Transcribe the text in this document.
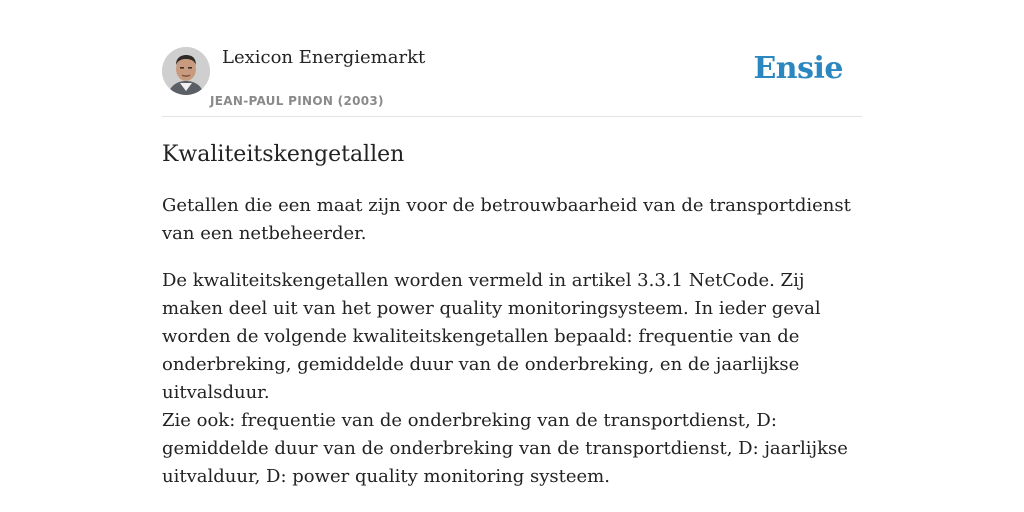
Lexicon Energiemarkt
JEAN-PAUL PINON (2003)
Ensie
Kwaliteitskengetallen

Getallen die een maat zijn voor de betrouwbaarheid van de transportdienst van een netbeheerder.

De kwaliteitskengetallen worden vermeld in artikel 3.3.1 NetCode. Zij maken deel uit van het power quality monitoringsysteem. In ieder geval worden de volgende kwaliteitskengetallen bepaald: frequentie van de onderbreking, gemiddelde duur van de onderbreking, en de jaarlijkse uitvalsduur.

Zie ook: frequentie van de onderbreking van de transportdienst, D: gemiddelde duur van de onderbreking van de transportdienst, D: jaarlijkse uitvalduur, D: power quality monitoring systeem.
